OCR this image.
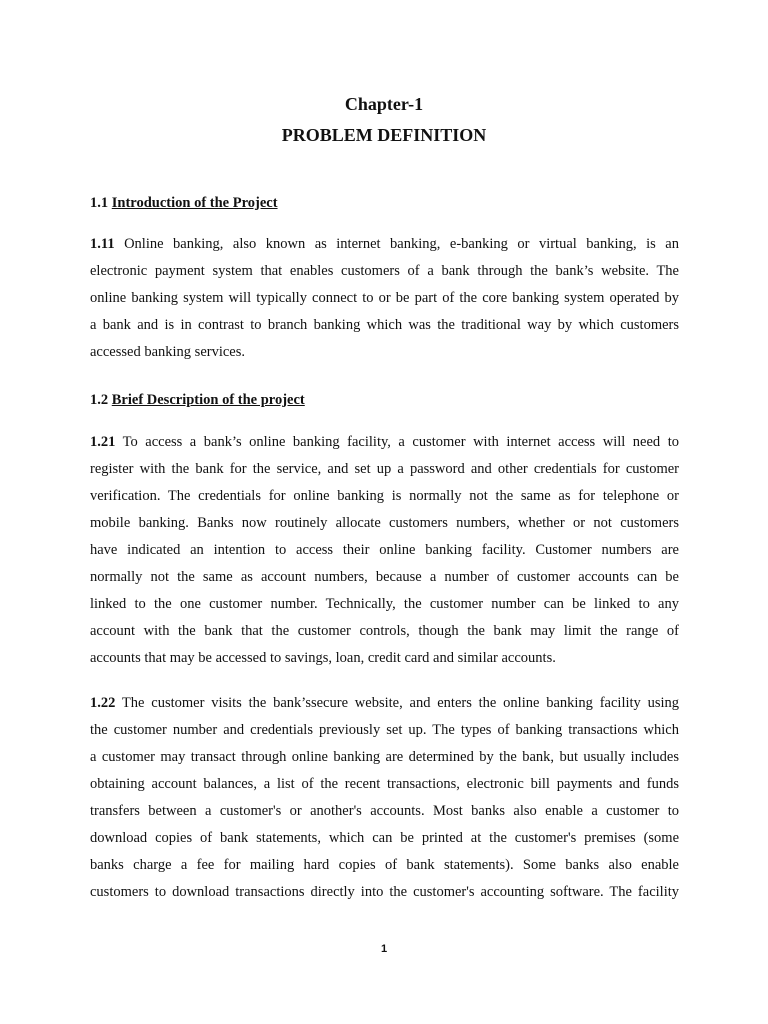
Chapter-1
PROBLEM DEFINITION
1.1 Introduction of the Project
1.11 Online banking, also known as internet banking, e-banking or virtual banking, is an
electronic payment system that enables customers of a bank through the bank’s website. The
online banking system will typically connect to or be part of the core banking system operated by
a bank and is in contrast to branch banking which was the traditional way by which customers
accessed banking services.
1.2 Brief Description of the project
1.21 To access a bank’s online banking facility, a customer with internet access will need to
register with the bank for the service, and set up a password and other credentials for customer
verification. The credentials for online banking is normally not the same as for telephone or
mobile banking. Banks now routinely allocate customers numbers, whether or not customers
have indicated an intention to access their online banking facility. Customer numbers are
normally not the same as account numbers, because a number of customer accounts can be
linked to the one customer number. Technically, the customer number can be linked to any
account with the bank that the customer controls, though the bank may limit the range of
accounts that may be accessed to savings, loan, credit card and similar accounts.
1.22 The customer visits the bank’ssecure website, and enters the online banking facility using
the customer number and credentials previously set up. The types of banking transactions which
a customer may transact through online banking are determined by the bank, but usually includes
obtaining account balances, a list of the recent transactions, electronic bill payments and funds
transfers between a customer's or another's accounts. Most banks also enable a customer to
download copies of bank statements, which can be printed at the customer's premises (some
banks charge a fee for mailing hard copies of bank statements). Some banks also enable
customers to download transactions directly into the customer's accounting software. The facility
1
